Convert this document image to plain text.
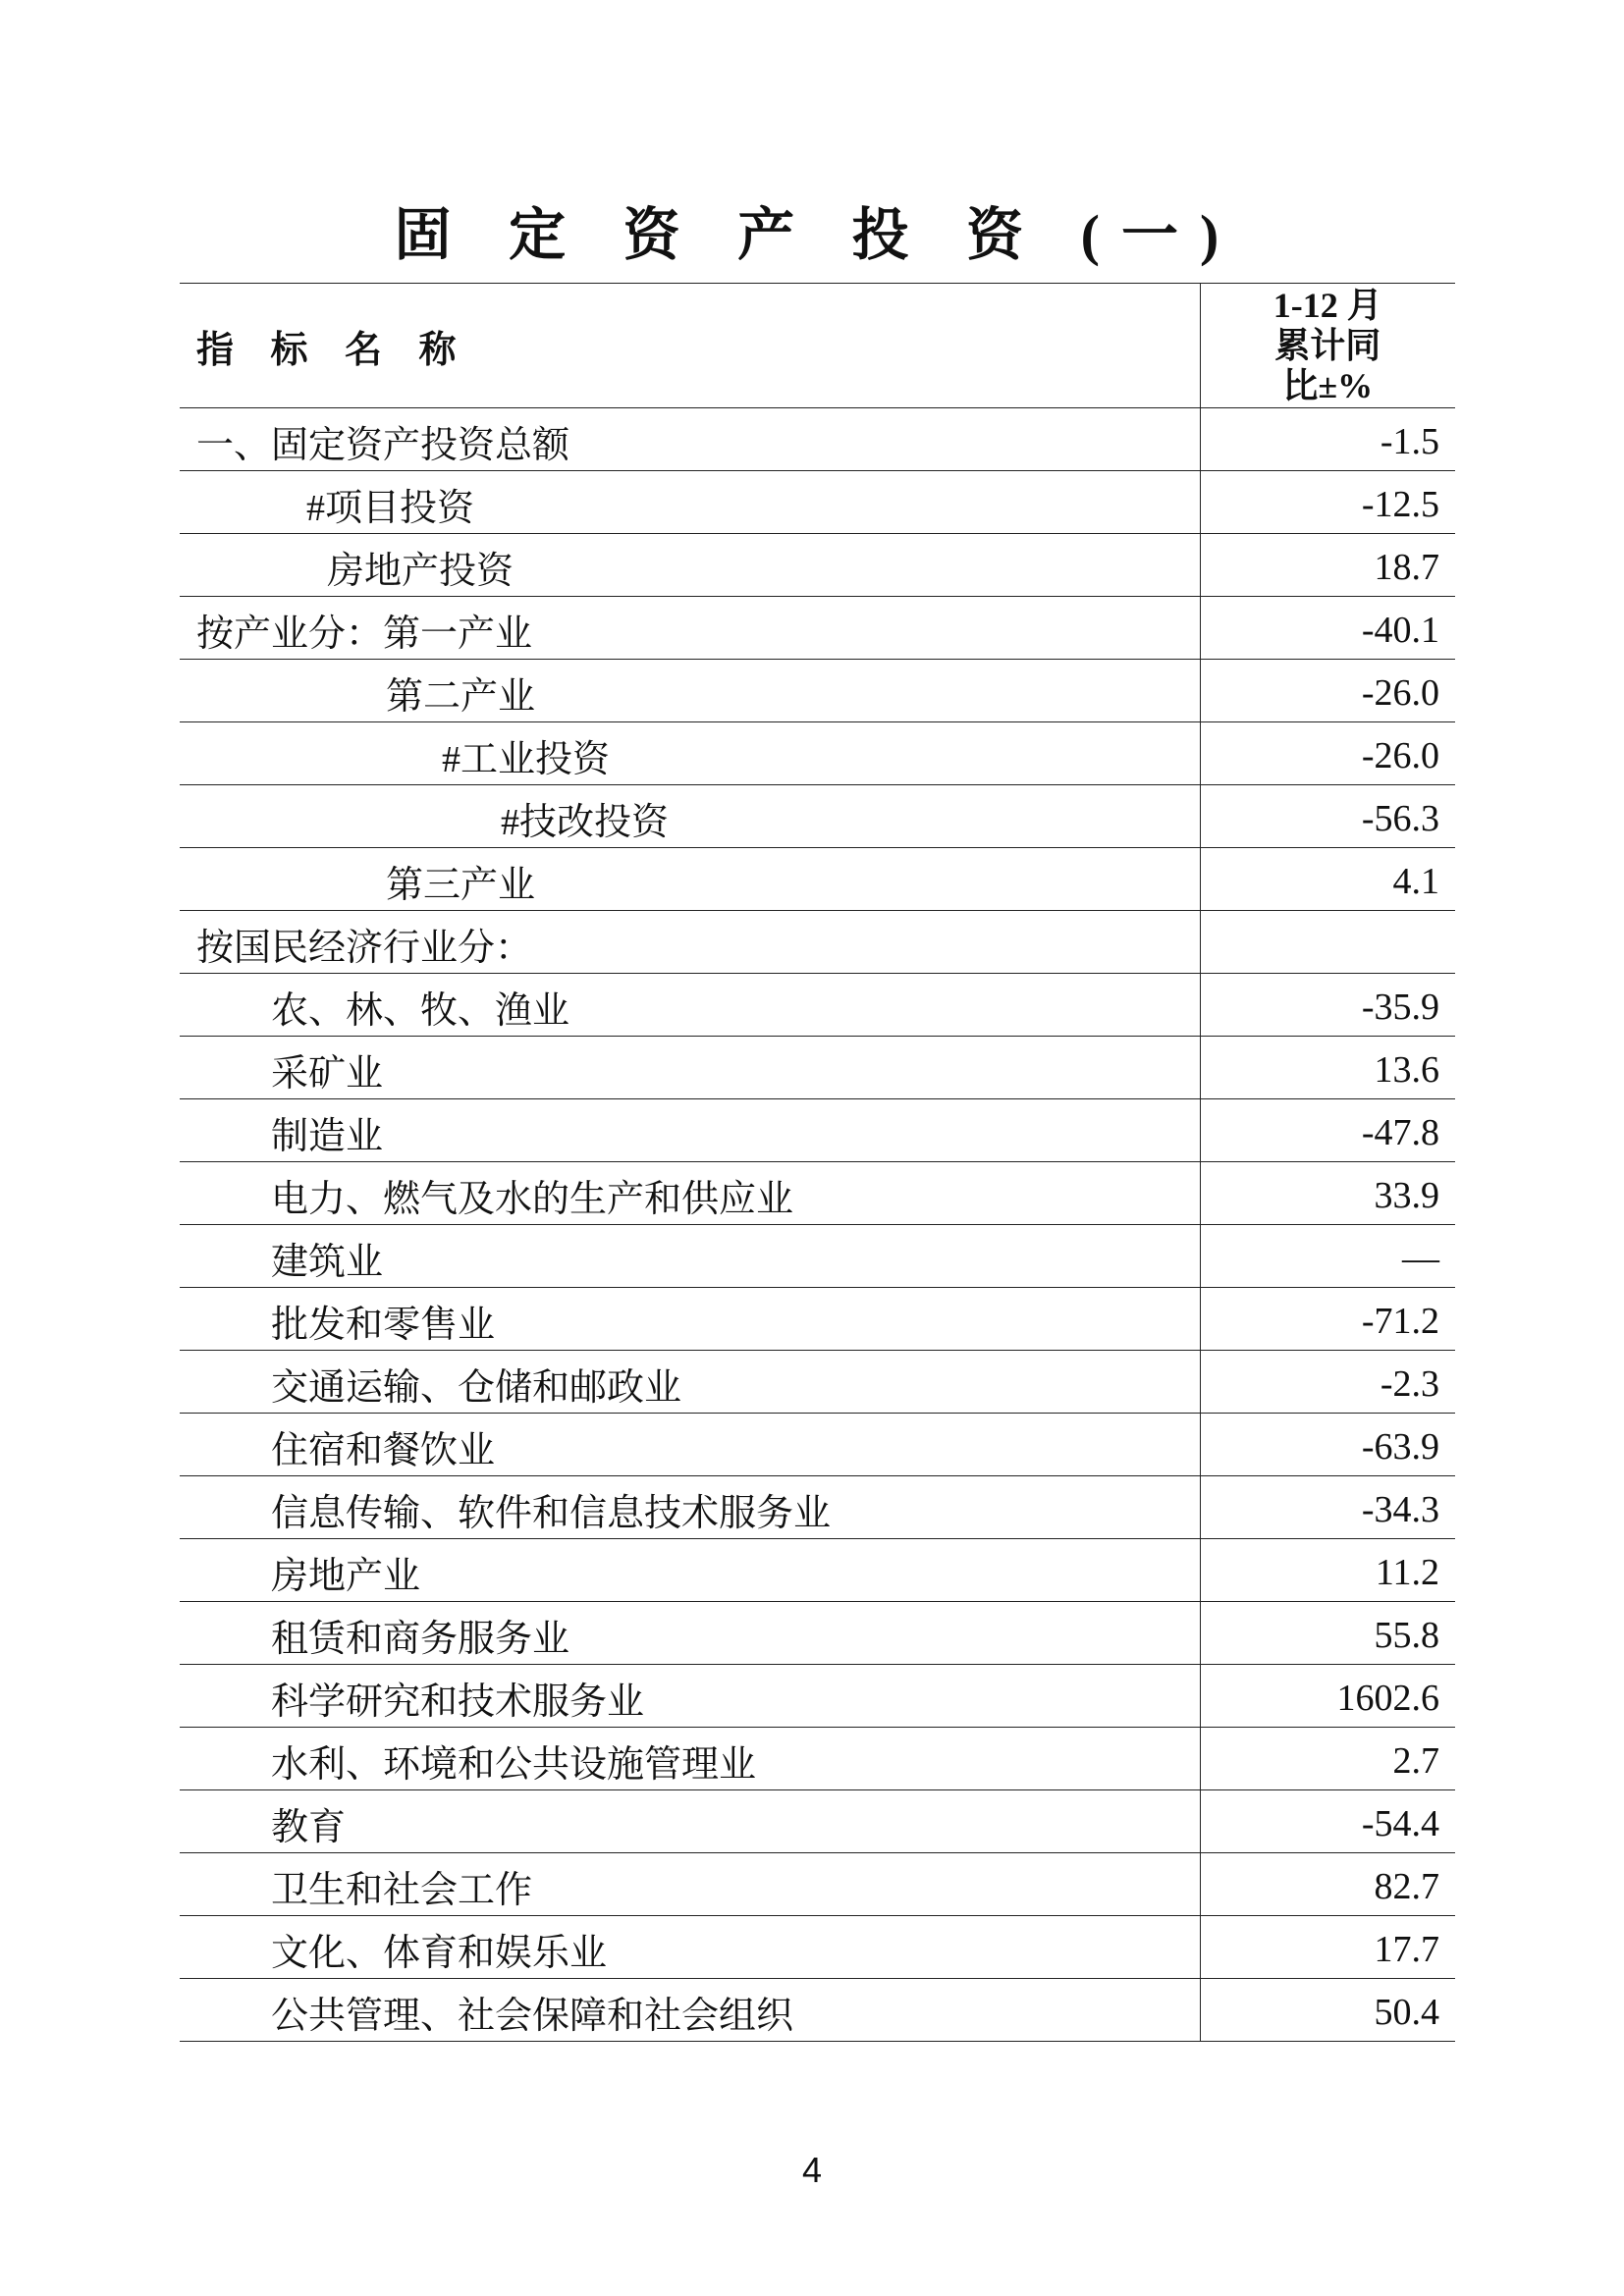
固 定 资 产 投 资 (一)
指 标 名 称	1-12 月
累计同
比±%

一、固定资产投资总额	-1.5
#项目投资	-12.5
房地产投资	18.7
按产业分：第一产业	-40.1
第二产业	-26.0
#工业投资	-26.0
#技改投资	-56.3
第三产业	4.1
按国民经济行业分：	
农、林、牧、渔业	-35.9
采矿业	13.6
制造业	-47.8
电力、燃气及水的生产和供应业	33.9
建筑业	—
批发和零售业	-71.2
交通运输、仓储和邮政业	-2.3
住宿和餐饮业	-63.9
信息传输、软件和信息技术服务业	-34.3
房地产业	11.2
租赁和商务服务业	55.8
科学研究和技术服务业	1602.6
水利、环境和公共设施管理业	2.7
教育	-54.4
卫生和社会工作	82.7
文化、体育和娱乐业	17.7
公共管理、社会保障和社会组织	50.4
4
